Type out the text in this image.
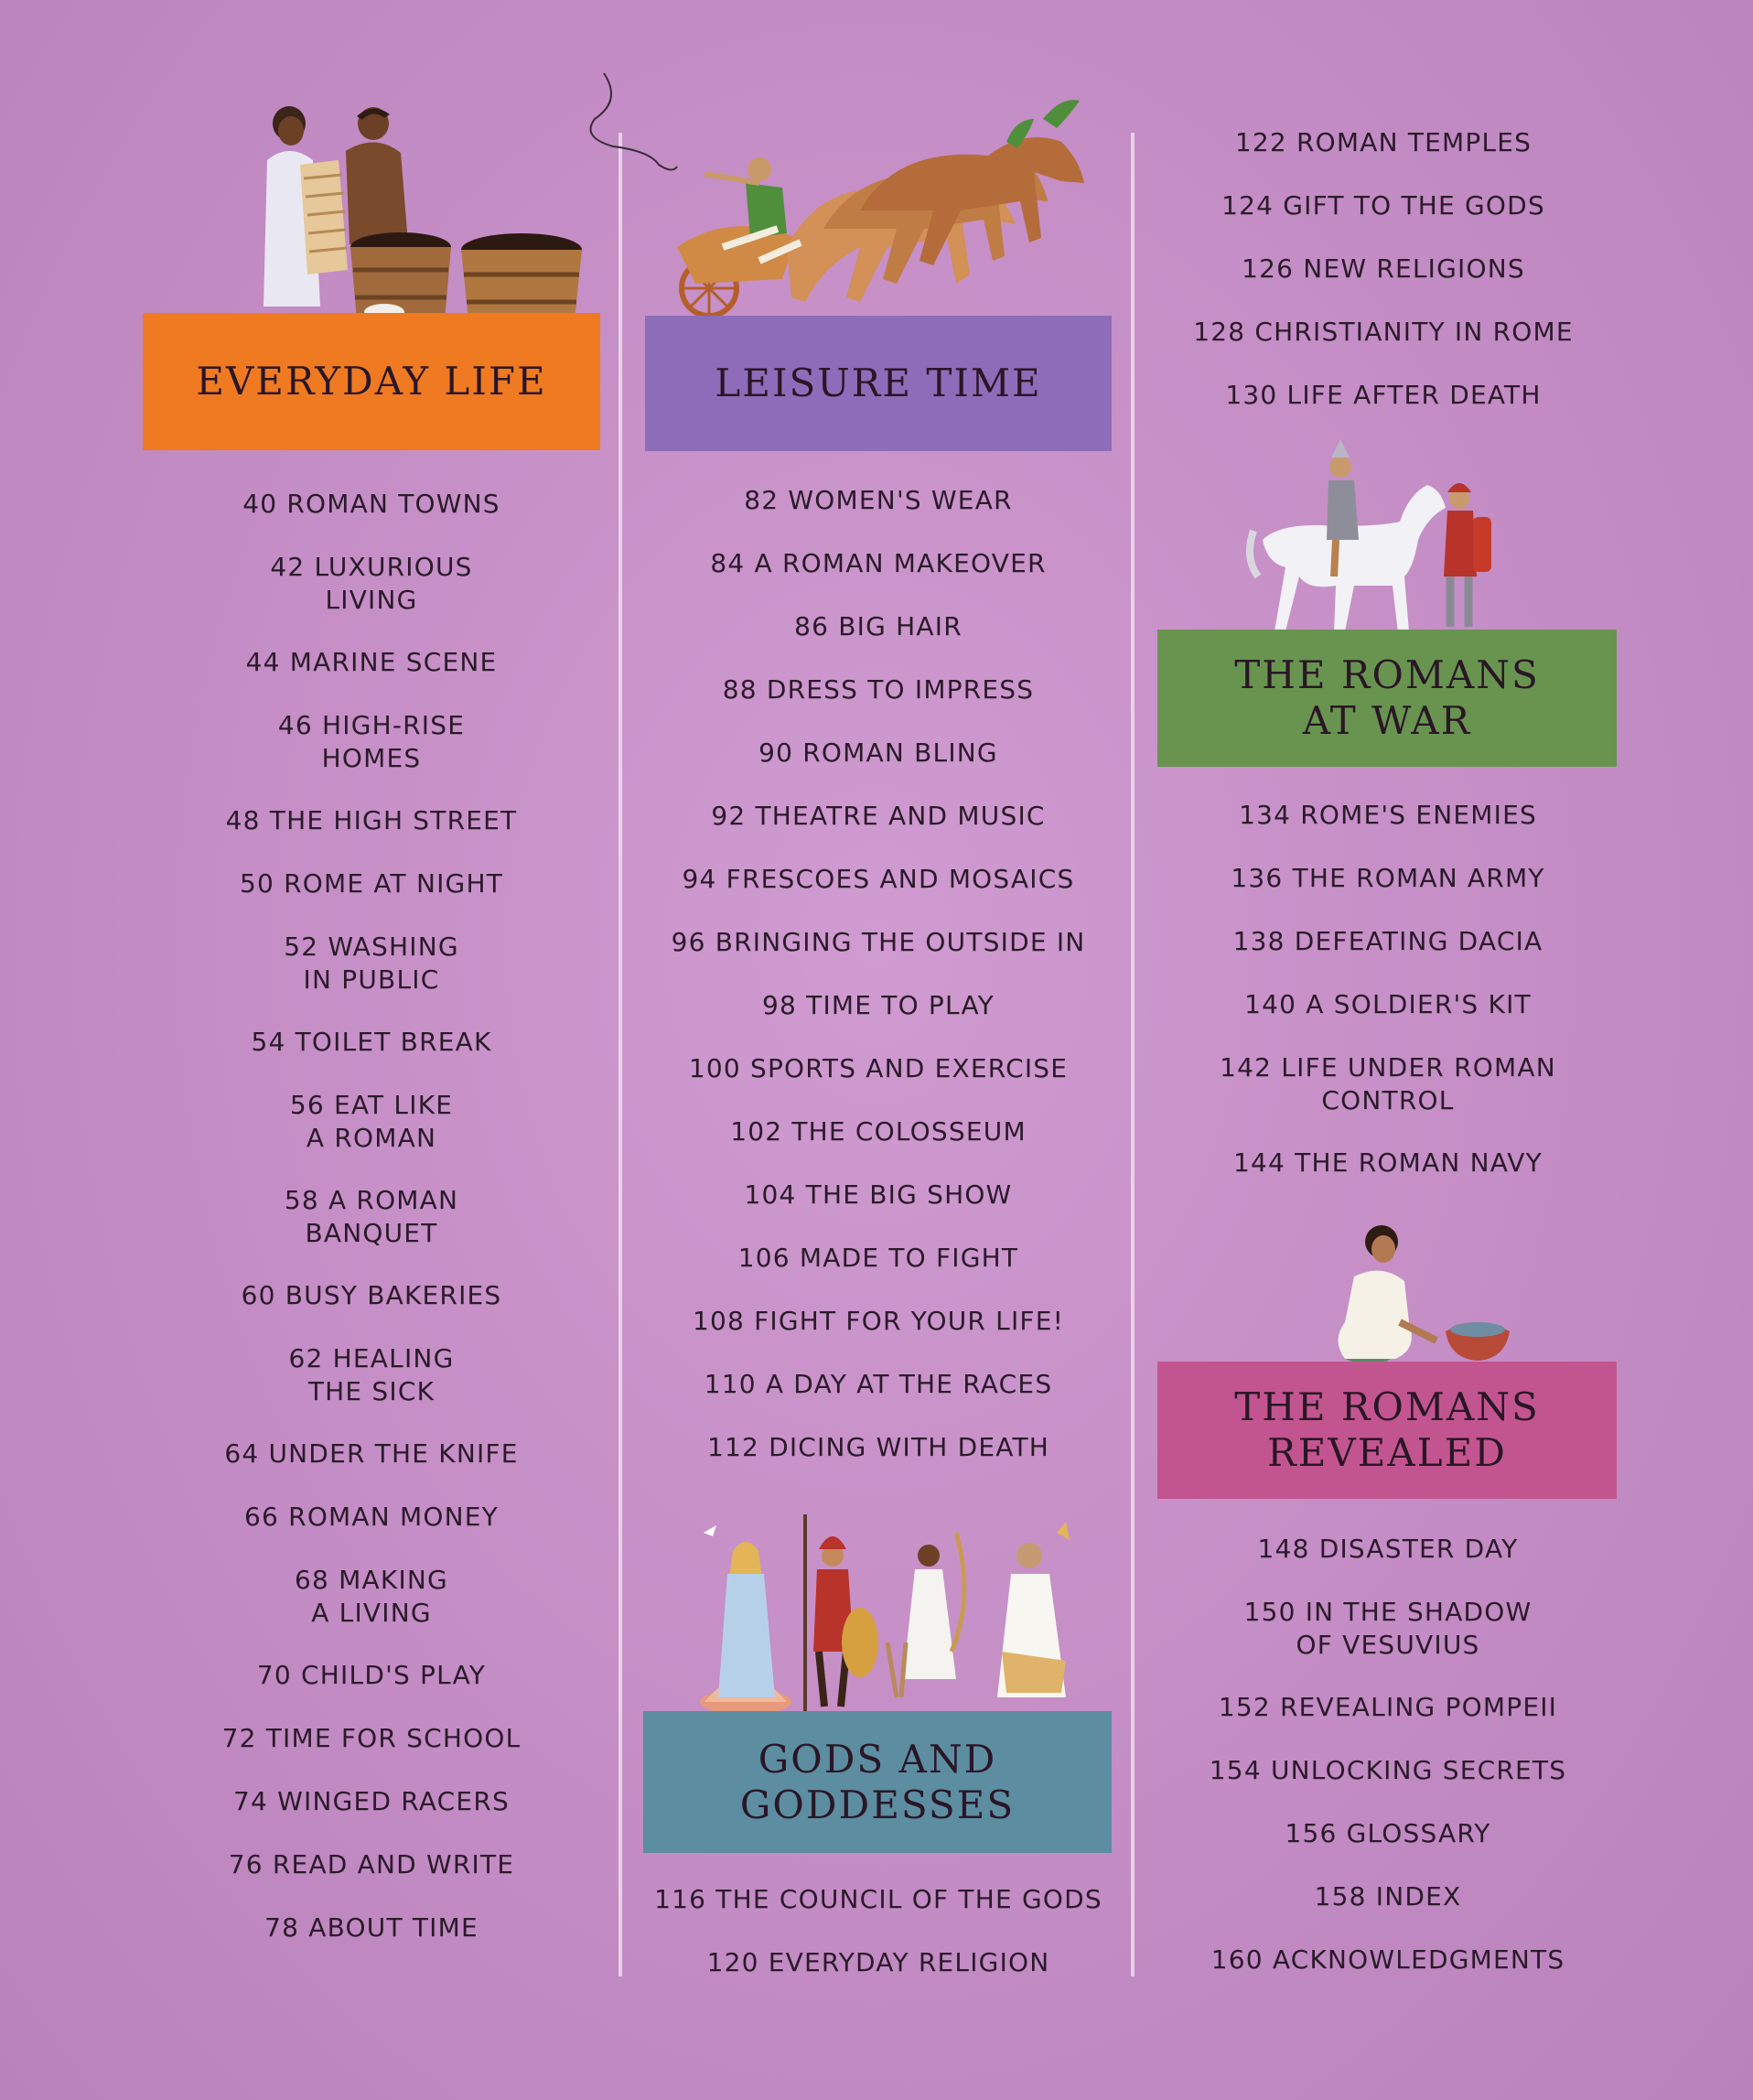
EVERYDAY LIFE
40 ROMAN TOWNS
42 LUXURIOUS
LIVING
44 MARINE SCENE
46 HIGH-RISE
HOMES
48 THE HIGH STREET
50 ROME AT NIGHT
52 WASHING
IN PUBLIC
54 TOILET BREAK
56 EAT LIKE
A ROMAN
58 A ROMAN
BANQUET
60 BUSY BAKERIES
62 HEALING
THE SICK
64 UNDER THE KNIFE
66 ROMAN MONEY
68 MAKING
A LIVING
70 CHILD'S PLAY
72 TIME FOR SCHOOL
74 WINGED RACERS
76 READ AND WRITE
78 ABOUT TIME
LEISURE TIME
82 WOMEN'S WEAR
84 A ROMAN MAKEOVER
86 BIG HAIR
88 DRESS TO IMPRESS
90 ROMAN BLING
92 THEATRE AND MUSIC
94 FRESCOES AND MOSAICS
96 BRINGING THE OUTSIDE IN
98 TIME TO PLAY
100 SPORTS AND EXERCISE
102 THE COLOSSEUM
104 THE BIG SHOW
106 MADE TO FIGHT
108 FIGHT FOR YOUR LIFE!
110 A DAY AT THE RACES
112 DICING WITH DEATH
GODS AND
GODDESSES
116 THE COUNCIL OF THE GODS
120 EVERYDAY RELIGION
122 ROMAN TEMPLES
124 GIFT TO THE GODS
126 NEW RELIGIONS
128 CHRISTIANITY IN ROME
130 LIFE AFTER DEATH
THE ROMANS
AT WAR
134 ROME'S ENEMIES
136 THE ROMAN ARMY
138 DEFEATING DACIA
140 A SOLDIER'S KIT
142 LIFE UNDER ROMAN
CONTROL
144 THE ROMAN NAVY
THE ROMANS
REVEALED
148 DISASTER DAY
150 IN THE SHADOW
OF VESUVIUS
152 REVEALING POMPEII
154 UNLOCKING SECRETS
156 GLOSSARY
158 INDEX
160 ACKNOWLEDGMENTS
